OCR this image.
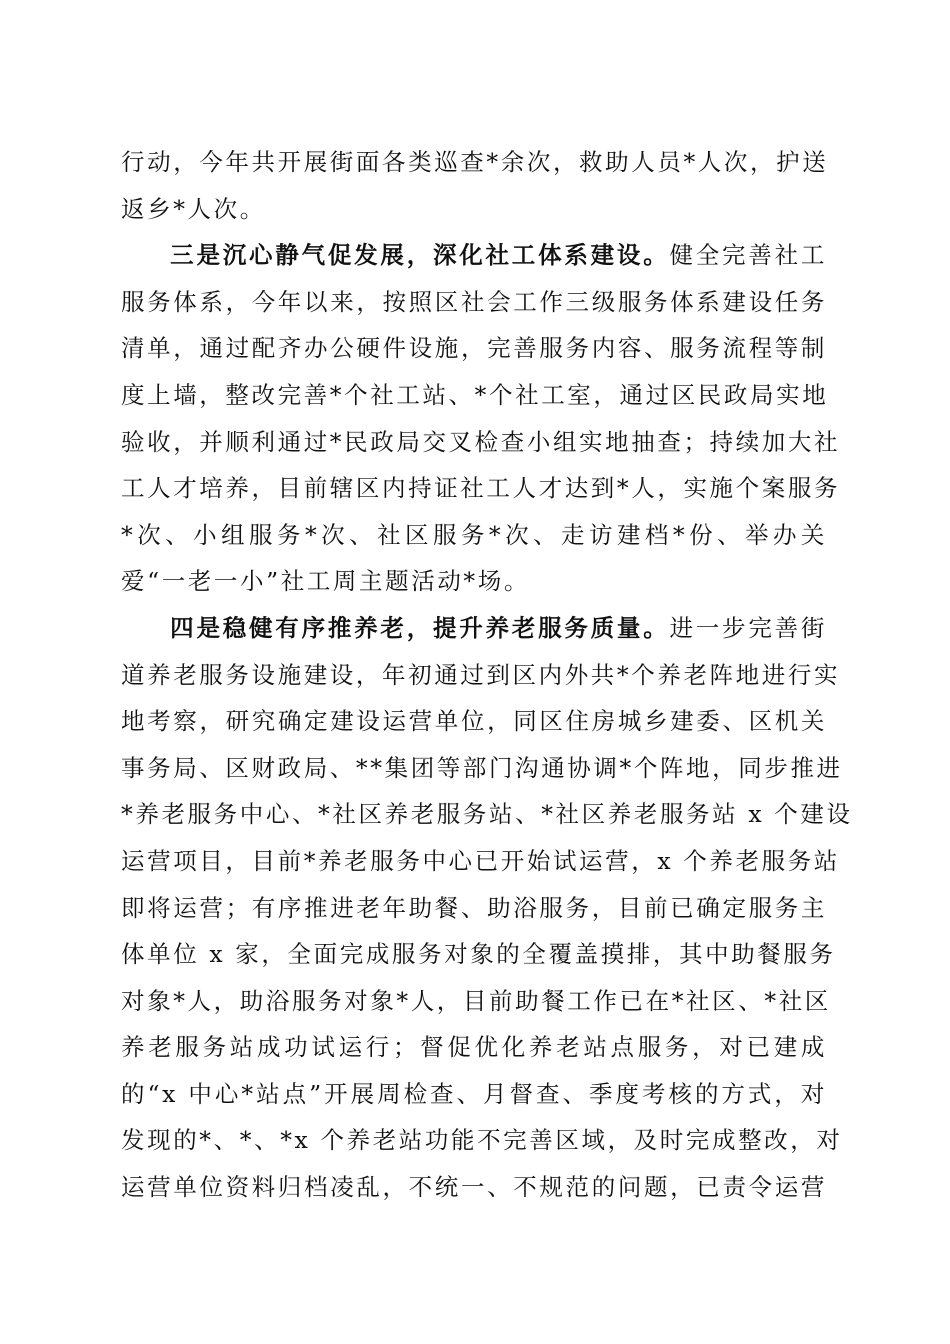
行动，今年共开展街面各类巡查*余次，救助人员*人次，护送
返乡*人次。
三是沉心静气促发展，深化社工体系建设。健全完善社工
服务体系，今年以来，按照区社会工作三级服务体系建设任务
清单，通过配齐办公硬件设施，完善服务内容、服务流程等制
度上墙，整改完善*个社工站、*个社工室，通过区民政局实地
验收，并顺利通过*民政局交叉检查小组实地抽查；持续加大社
工人才培养，目前辖区内持证社工人才达到*人，实施个案服务
*次、小组服务*次、社区服务*次、走访建档*份、举办关
爱“一老一小”社工周主题活动*场。
四是稳健有序推养老，提升养老服务质量。进一步完善街
道养老服务设施建设，年初通过到区内外共*个养老阵地进行实
地考察，研究确定建设运营单位，同区住房城乡建委、区机关
事务局、区财政局、**集团等部门沟通协调*个阵地，同步推进
*养老服务中心、*社区养老服务站、*社区养老服务站 x 个建设
运营项目，目前*养老服务中心已开始试运营，x 个养老服务站
即将运营；有序推进老年助餐、助浴服务，目前已确定服务主
体单位 x 家，全面完成服务对象的全覆盖摸排，其中助餐服务
对象*人，助浴服务对象*人，目前助餐工作已在*社区、*社区
养老服务站成功试运行；督促优化养老站点服务，对已建成
的“x 中心*站点”开展周检查、月督查、季度考核的方式，对
发现的*、*、*x 个养老站功能不完善区域，及时完成整改，对
运营单位资料归档凌乱，不统一、不规范的问题，已责令运营
